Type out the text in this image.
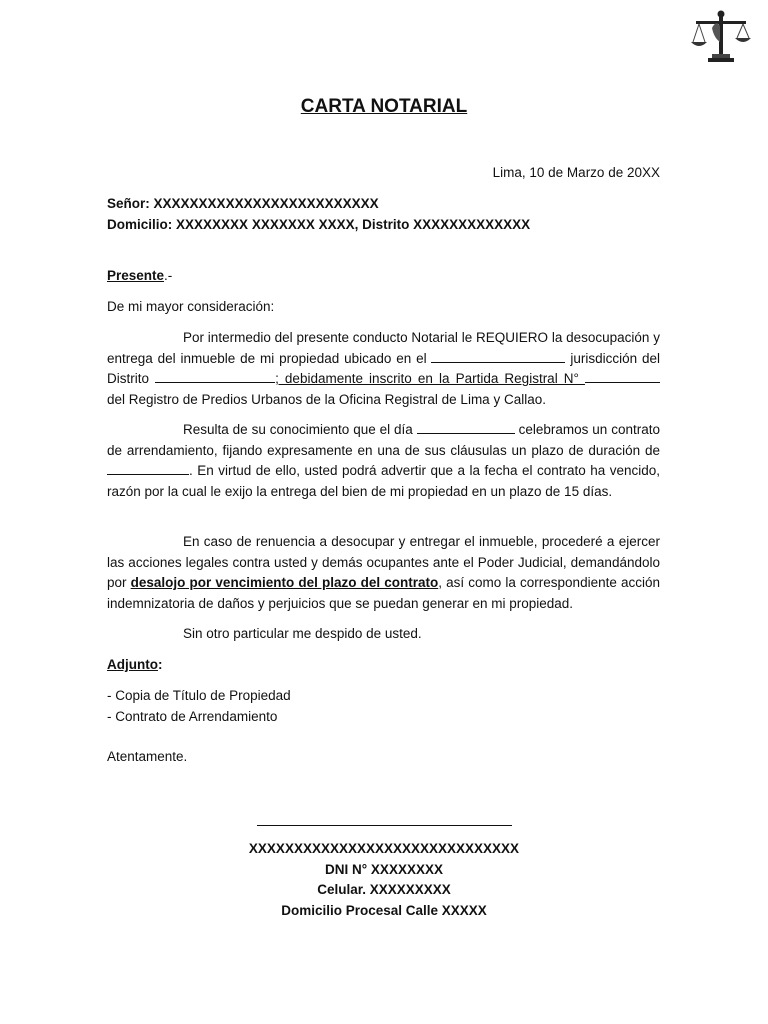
CARTA NOTARIAL
Lima, 10 de Marzo de 20XX
Señor: XXXXXXXXXXXXXXXXXXXXXXXXX
Domicilio: XXXXXXXX XXXXXXX XXXX, Distrito XXXXXXXXXXXXX
Presente.-
De mi mayor consideración:
Por intermedio del presente conducto Notarial le REQUIERO la desocupación y entrega del inmueble de mi propiedad ubicado en el	jurisdicción del Distrito	; debidamente inscrito en la Partida Registral N°  del Registro de Predios Urbanos de la Oficina Registral de Lima y Callao.
Resulta de su conocimiento que el día	celebramos un contrato de arrendamiento, fijando expresamente en una de sus cláusulas un plazo de duración de . En virtud de ello, usted podrá advertir que a la fecha el contrato ha vencido, razón por la cual le exijo la entrega del bien de mi propiedad en un plazo de 15 días.
En caso de renuencia a desocupar y entregar el inmueble, procederé a ejercer las acciones legales contra usted y demás ocupantes ante el Poder Judicial, demandándolo por desalojo por vencimiento del plazo del contrato, así como la correspondiente acción indemnizatoria de daños y perjuicios que se puedan generar en mi propiedad.
Sin otro particular me despido de usted.
Adjunto:
- Copia de Título de Propiedad
- Contrato de Arrendamiento
Atentamente.
XXXXXXXXXXXXXXXXXXXXXXXXXXXXXX
DNI N° XXXXXXXX
Celular. XXXXXXXXX
Domicilio Procesal Calle XXXXX
